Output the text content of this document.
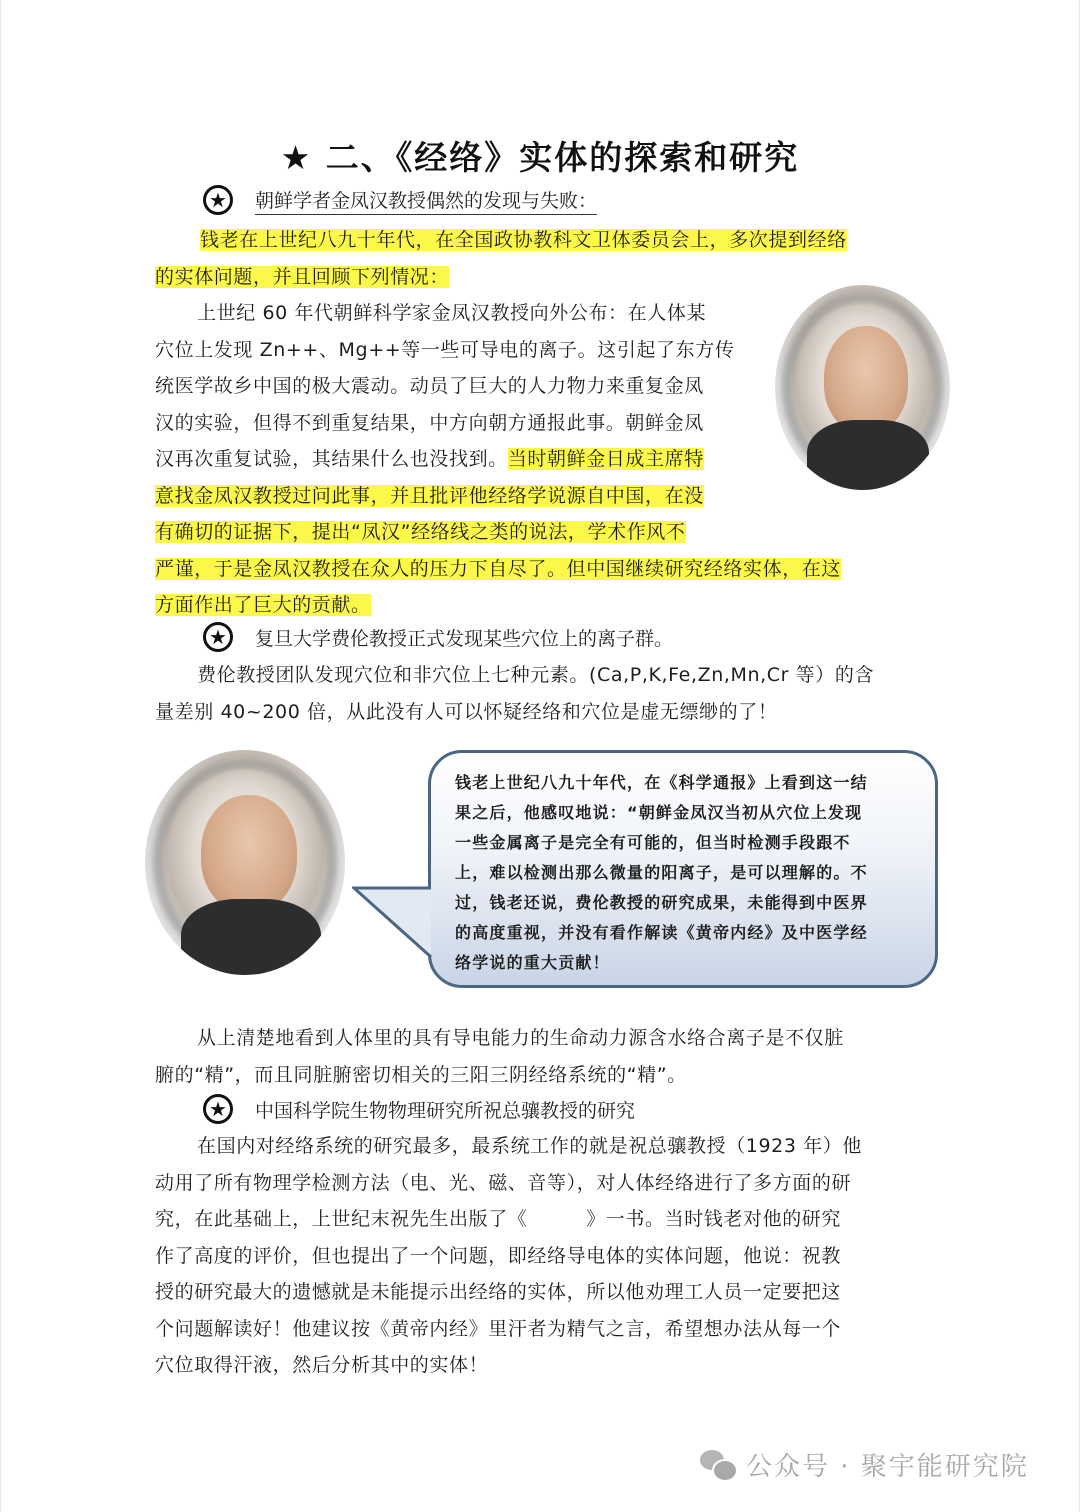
★ 二、《经络》实体的探索和研究
★	朝鲜学者金凤汉教授偶然的发现与失败：
钱老在上世纪八九十年代，在全国政协教科文卫体委员会上，多次提到经络
的实体问题，并且回顾下列情况：
上世纪 60 年代朝鲜科学家金凤汉教授向外公布：在人体某
穴位上发现 Zn++、Mg++等一些可导电的离子。这引起了东方传
统医学故乡中国的极大震动。动员了巨大的人力物力来重复金凤
汉的实验，但得不到重复结果，中方向朝方通报此事。朝鲜金凤
汉再次重复试验，其结果什么也没找到。当时朝鲜金日成主席特
意找金凤汉教授过问此事，并且批评他经络学说源自中国，在没
有确切的证据下，提出“凤汉”经络线之类的说法，学术作风不
严谨，于是金凤汉教授在众人的压力下自尽了。但中国继续研究经络实体，在这
方面作出了巨大的贡献。
★	复旦大学费伦教授正式发现某些穴位上的离子群。
费伦教授团队发现穴位和非穴位上七种元素。(Ca,P,K,Fe,Zn,Mn,Cr 等）的含
量差别 40~200 倍，从此没有人可以怀疑经络和穴位是虚无缥缈的了！
钱老上世纪八九十年代，在《科学通报》上看到这一结
果之后，他感叹地说：“朝鲜金凤汉当初从穴位上发现
一些金属离子是完全有可能的，但当时检测手段跟不
上，难以检测出那么微量的阳离子，是可以理解的。不
过，钱老还说，费伦教授的研究成果，未能得到中医界
的高度重视，并没有看作解读《黄帝内经》及中医学经
络学说的重大贡献！
从上清楚地看到人体里的具有导电能力的生命动力源含水络合离子是不仅脏
腑的“精”，而且同脏腑密切相关的三阳三阴经络系统的“精”。
★	中国科学院生物物理研究所祝总骧教授的研究
在国内对经络系统的研究最多，最系统工作的就是祝总骧教授（1923 年）他
动用了所有物理学检测方法（电、光、磁、音等），对人体经络进行了多方面的研
究，在此基础上，上世纪末祝先生出版了《　　　》一书。当时钱老对他的研究
作了高度的评价，但也提出了一个问题，即经络导电体的实体问题，他说：祝教
授的研究最大的遗憾就是未能提示出经络的实体，所以他劝理工人员一定要把这
个问题解读好！他建议按《黄帝内经》里汗者为精气之言，希望想办法从每一个
穴位取得汗液，然后分析其中的实体！
公众号 · 聚宇能研究院
